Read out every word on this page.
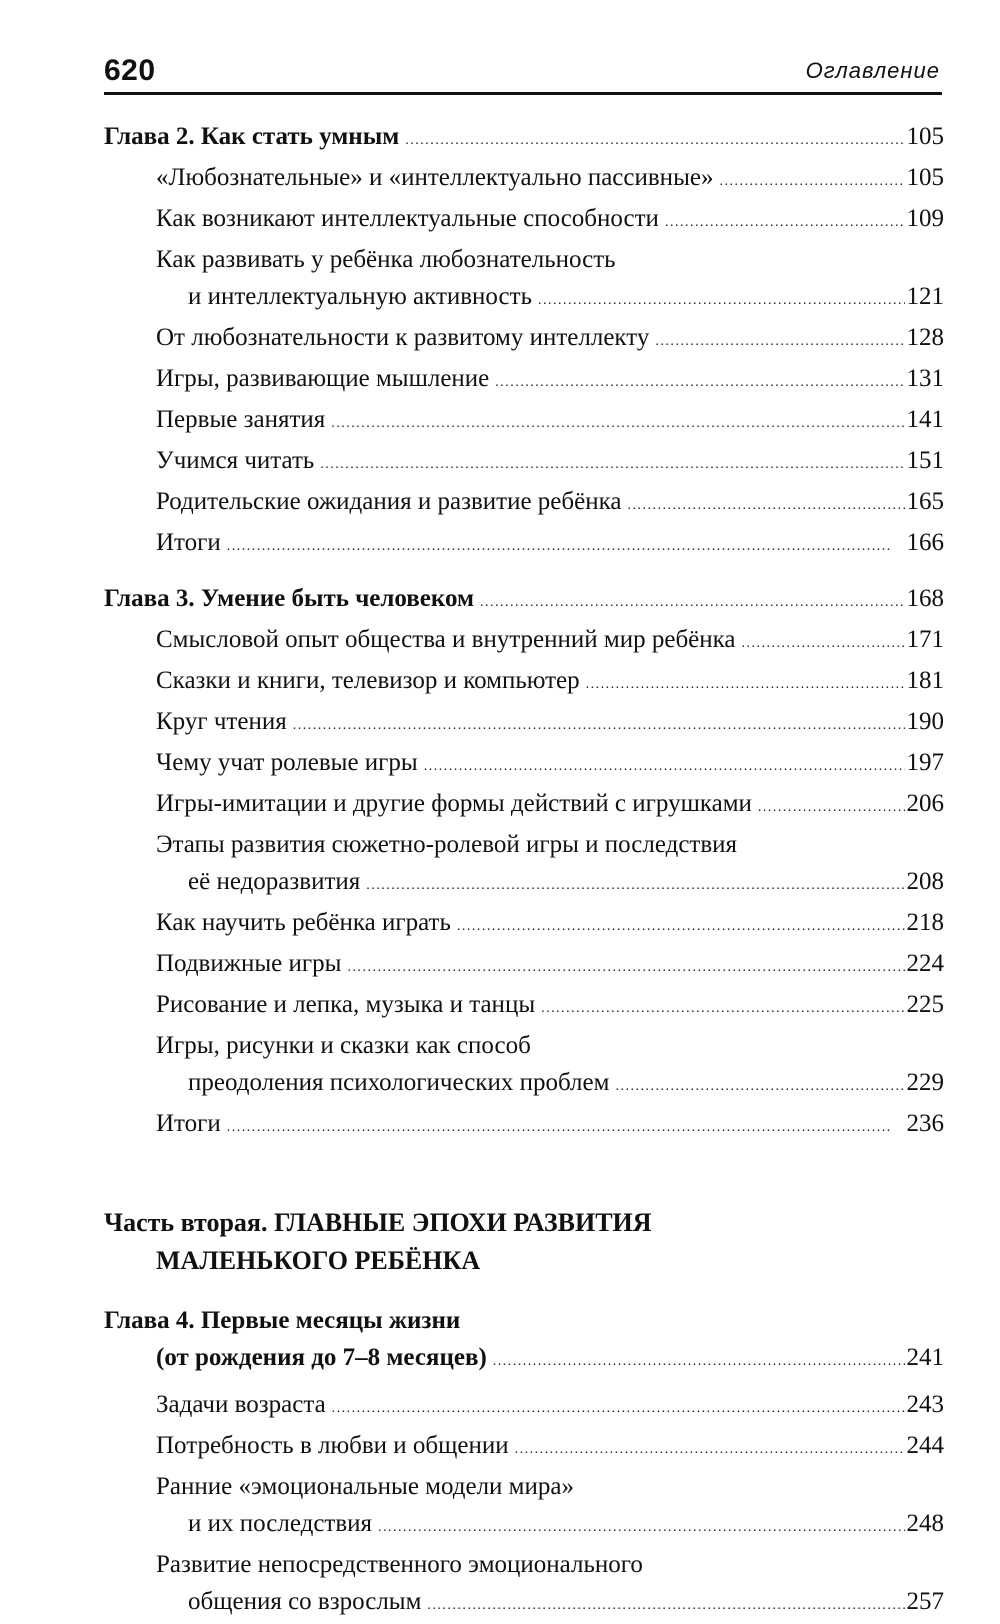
620	Оглавление
Глава 2. Как стать умным . . .	105
«Любознательные» и «интеллектуально пассивные» . . .	105
Как возникают интеллектуальные способности . . .	109
Как развивать у ребёнка любознательность
и интеллектуальную активность . . .	121
От любознательности к развитому интеллекту . . .	128
Игры, развивающие мышление . . .	131
Первые занятия . . .	141
Учимся читать . . .	151
Родительские ожидания и развитие ребёнка . . .	165
Итоги . . .	166
Глава 3. Умение быть человеком . . .	168
Смысловой опыт общества и внутренний мир ребёнка . . .	171
Сказки и книги, телевизор и компьютер . . .	181
Круг чтения . . .	190
Чему учат ролевые игры . . .	197
Игры-имитации и другие формы действий с игрушками . . .	206
Этапы развития сюжетно-ролевой игры и последствия
её недоразвития . . .	208
Как научить ребёнка играть . . .	218
Подвижные игры . . .	224
Рисование и лепка, музыка и танцы . . .	225
Игры, рисунки и сказки как способ
преодоления психологических проблем . . .	229
Итоги . . .	236
Часть вторая. ГЛАВНЫЕ ЭПОХИ РАЗВИТИЯ
МАЛЕНЬКОГО РЕБЁНКА
Глава 4. Первые месяцы жизни
(от рождения до 7–8 месяцев) . . .	241
Задачи возраста . . .	243
Потребность в любви и общении . . .	244
Ранние «эмоциональные модели мира»
и их последствия . . .	248
Развитие непосредственного эмоционального
общения со взрослым . . .	257
